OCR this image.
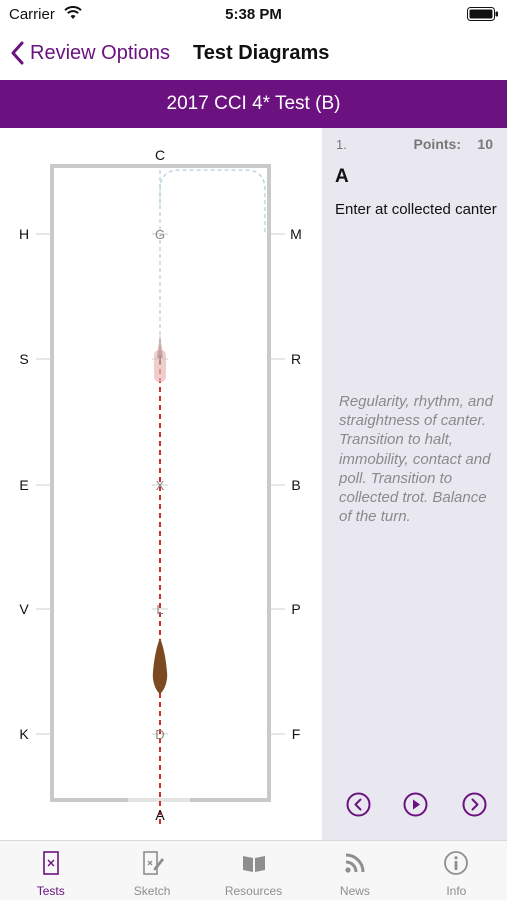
Carrier	5:38 PM
Review Options Test Diagrams
2017 CCI 4* Test (B)
H
S
E
V
K
M
R
B
P
F
C
G
I
X
L
D
A
1.	Points: 10
A
Enter at collected canter
Regularity, rhythm, and straightness of canter. Transition to halt, immobility, contact and poll. Transition to collected trot. Balance of the turn.
Tests	Sketch	Resources	News	Info
